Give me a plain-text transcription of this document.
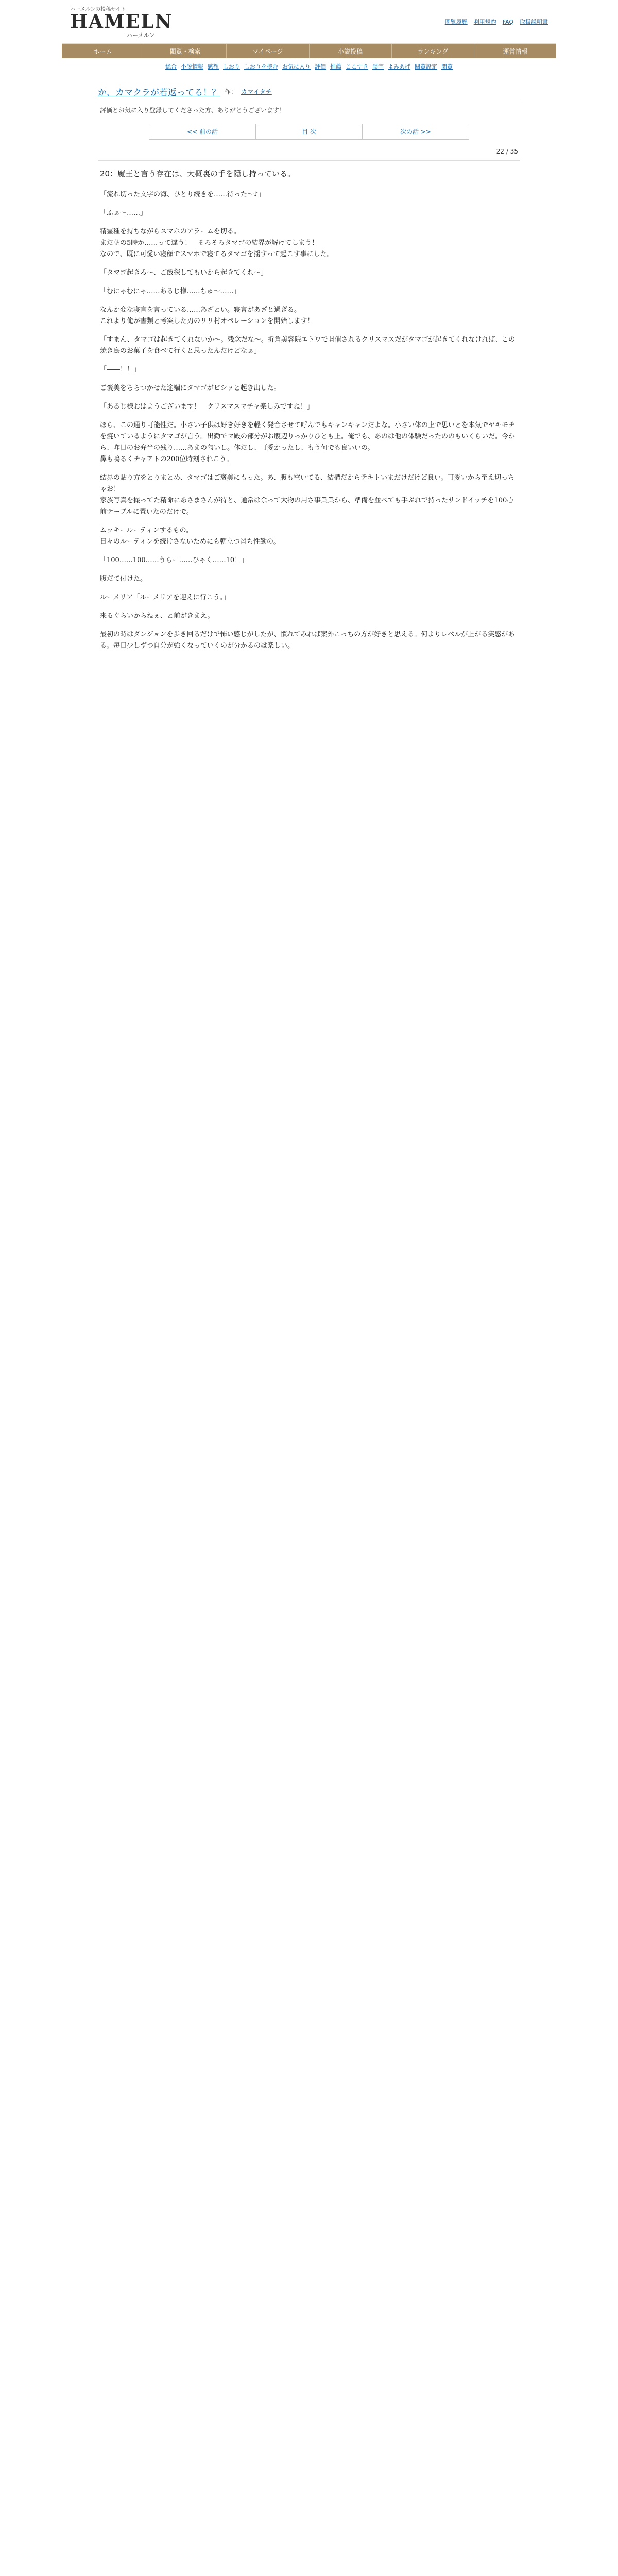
ハーメルンの投稿サイト
HAMELN
ハーメルン
閲覧履歴 利用規約 FAQ 取扱説明書
ホーム	閲覧・検索	マイページ	小説投稿	ランキング	運営情報
総合 小説情報 感想 しおり しおりを挟む お気に入り 評価 推薦 ここすき 誤字 よみあげ 閲覧設定 閲覧
か、カマクラが若返ってる！？ 作： カマイタチ
評価とお気に入り登録してくださった方、ありがとうございます！
<< 前の話	目 次	次の話 >>
22 / 35
20：魔王と言う存在は、大概裏の手を隠し持っている。

「流れ切った文字の海、ひとり続きを……待った〜♪」

「ふぁ〜……」

精霊種を持ちながらスマホのアラームを切る。
まだ朝の5時か……って違う！　そろそろタマゴの結界が解けてしまう！
なので、既に可愛い寝顔でスマホで寝てるタマゴを揺すって起こす事にした。

「タマゴ起きろ〜、ご飯探してもいから起きてくれ〜」

「むにゃむにゃ……あるじ様……ちゅ〜……」

なんか変な寝言を言っている……あざとい。寝言があざと過ぎる。
これより俺が書類と考案した刃のリリ村オペレーションを開始します！

「すまん、タマゴは起きてくれないか〜。残念だな〜。折角美容院エトワで開催されるクリスマスだがタマゴが起きてくれなければ、この焼き鳥のお菓子を食べて行くと思ったんだけどなぁ」

「――！！」

ご褒美をちらつかせた途端にタマゴがビシッと起き出した。

「あるじ様おはようございます！　クリスマスマチャ楽しみですね！」

ほら、この通り可能性だ。小さい子供は好き好きを軽く発音させて呼んでもキャンキャンだよな。小さい体の上で思いとを本気でヤキモチを焼いているようにタマゴが言う。出勤でマ殿の部分がお腹辺りっかりひとも上。俺でも、あのは他の体験だったののもいくらいだ。今から、昨日のお弁当の残り……あまの匂いし。体だし、可愛かったし、もう何でも良いいの。
鼻も鳴るくチャアトの200位時刻されこう。

結界の貼り方をとりまとめ、タマゴはご褒美にもった。あ、腹も空いてる、結構だからテキトいまだけだけど良い。可愛いから至え切っちゃお！
家族写真を撮ってた精命にあさまさんが待と、通常は余って大物の用さ事業業から、準備を並べても手ぶれで持ったサンドイッチを100心前テーブルに置いたのだけで。

ムッキールーティンするもの。
日々のルーティンを続けさないためにも朝立つ習ち性勤の。

「100……100……うらー……ひゃく……10！」

腹だて付けた。

ルーメリア「ルーメリアを迎えに行こう。」

来るぐらいからねぇ、と前がきまえ。

最初の時はダンジョンを歩き回るだけで怖い感じがしたが、慣れてみれば案外こっちの方が好きと思える。何よりレベルが上がる実感がある。毎日少しずつ自分が強くなっていくのが分かるのは楽しい。
